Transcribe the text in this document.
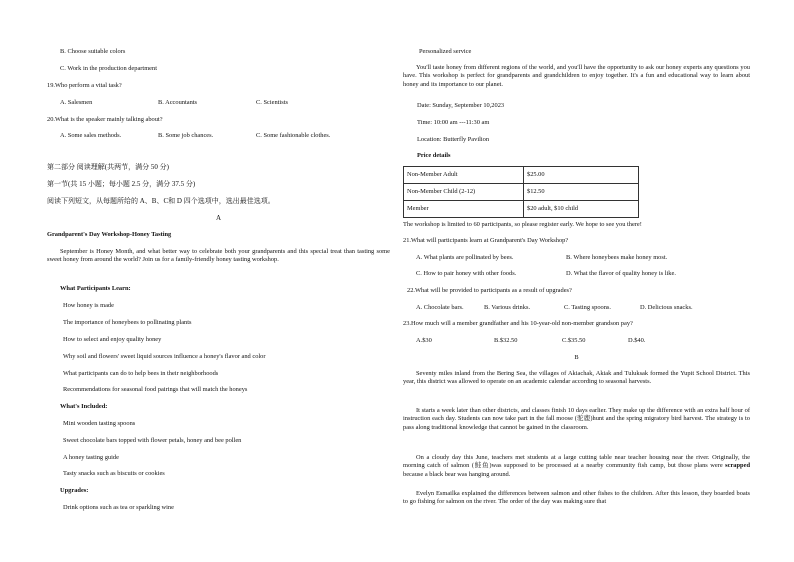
B. Choose suitable colors
C. Work in the production department
19.Who perform a vital task?
A. Salesmen	B. Accountants	C. Scientists
20.What is the speaker mainly talking about?
A. Some sales methods.	B. Some job chances.	C. Some fashionable clothes.
第二部分 阅读理解(共两节，满分 50 分)
第一节(共 15 小题；每小题 2.5 分，满分 37.5 分)
阅读下列短文，从每题所给的 A、B、C和 D 四个选项中，选出最佳选项。
A
Grandparent's Day Workshop-Honey Tasting
September is Honey Month, and what better way to celebrate both your grandparents and this special treat than tasting some sweet honey from around the world? Join us for a family-friendly honey tasting workshop.
What Participants Learn:
How honey is made
The importance of honeybees to pollinating plants
How to select and enjoy quality honey
Why soil and flowers' sweet liquid sources influence a honey's flavor and color
What participants can do to help bees in their neighborhoods
Recommendations for seasonal food pairings that will match the honeys
What's Included:
Mini wooden tasting spoons
Sweet chocolate bars topped with flower petals, honey and bee pollen
A honey tasting guide
Tasty snacks such as biscuits or cookies
Upgrades:
Drink options such as tea or sparkling wine
Personalized service
You'll taste honey from different regions of the world, and you'll have the opportunity to ask our honey experts any questions you have. This workshop is perfect for grandparents and grandchildren to enjoy together. It's a fun and educational way to learn about honey and its importance to our planet.
Date: Sunday, September 10,2023
Time: 10:00 am ---11:30 am
Location: Butterfly Pavilion
Price details
Non-Member Adult	$25.00
Non-Member Child (2-12)	$12.50
Member	$20 adult, $10 child
The workshop is limited to 60 participants, so please register early. We hope to see you there!
21.What will participants learn at Grandparent's Day Workshop?
A. What plants are pollinated by bees.	B. Where honeybees make honey most.
C. How to pair honey with other foods.	D. What the flavor of quality honey is like.
22.What will be provided to participants as a result of upgrades?
A. Chocolate bars.	B. Various drinks.	C. Tasting spoons.	D. Delicious snacks.
23.How much will a member grandfather and his 10-year-old non-member grandson pay?
A.$30	B.$32.50	C.$35.50	D.$40.
B
Seventy miles inland from the Bering Sea, the villages of Akiachak, Akiak and Tuluksak formed the Yupit School District. This year, this district was allowed to operate on an academic calendar according to seasonal harvests.
It starts a week later than other districts, and classes finish 10 days earlier. They make up the difference with an extra half hour of instruction each day. Students can now take part in the fall moose (驼鹿)hunt and the spring migratory bird harvest. The strategy is to pass along traditional knowledge that cannot be gained in the classroom.
On a cloudy day this June, teachers met students at a large cutting table near teacher housing near the river. Originally, the morning catch of salmon (鲑鱼)was supposed to be processed at a nearby community fish camp, but those plans were scrapped because a black bear was hanging around.
Evelyn Esmailka explained the differences between salmon and other fishes to the children. After this lesson, they boarded boats to go fishing for salmon on the river. The order of the day was making sure that
